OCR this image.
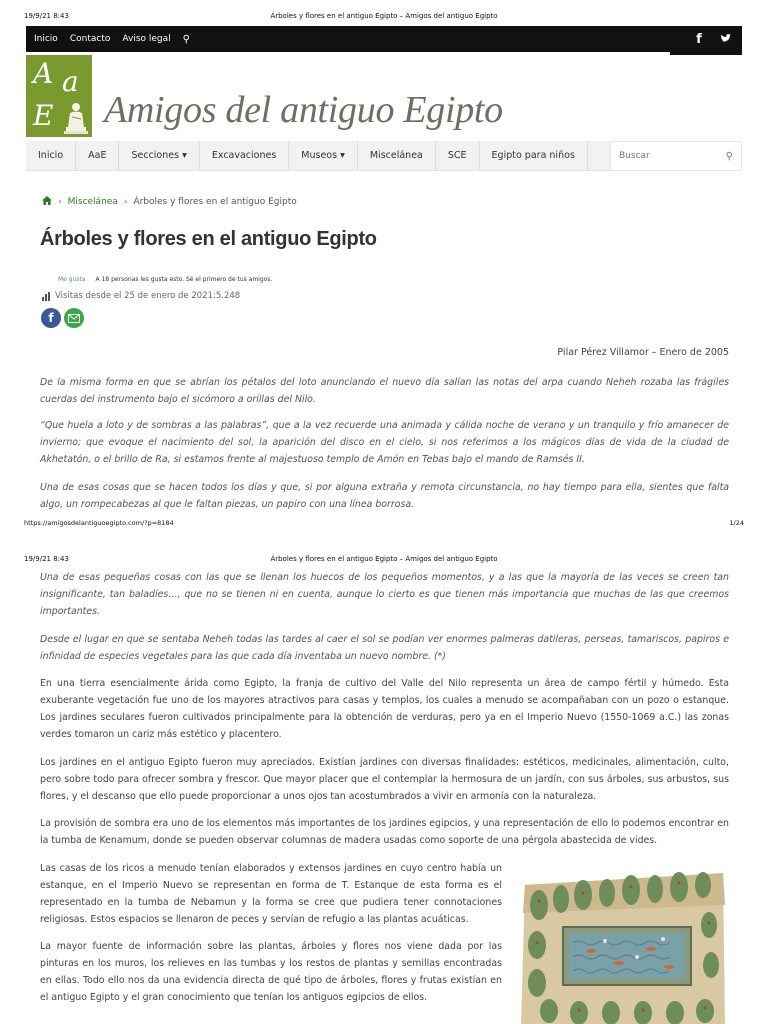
19/9/21 8:43	Árboles y flores en el antiguo Egipto – Amigos del antiguo Egipto
Inicio Contacto Aviso legal ⚲	f
A a
E Amigos del antiguo Egipto
Inicio	AaE	Secciones ▾	Excavaciones	Museos ▾	Miscelánea	SCE	Egipto para niños
Buscar	⚲
› Miscelánea › Árboles y flores en el antiguo Egipto
Árboles y flores en el antiguo Egipto
Me gusta A 18 personas les gusta esto. Sé el primero de tus amigos.
Visitas desde el 25 de enero de 2021:5.248
f
Pilar Pérez Villamor – Enero de 2005

De la misma forma en que se abrían los pétalos del loto anunciando el nuevo día salían las notas del arpa cuando Neheh rozaba las frágiles cuerdas del instrumento bajo el sicómoro a orillas del Nilo.

“Que huela a loto y de sombras a las palabras”, que a la vez recuerde una animada y cálida noche de verano y un tranquilo y frío amanecer de invierno; que evoque el nacimiento del sol, la aparición del disco en el cielo, si nos referimos a los mágicos días de vida de la ciudad de Akhetatón, o el brillo de Ra, si estamos frente al majestuoso templo de Amón en Tebas bajo el mando de Ramsés II.

Una de esas cosas que se hacen todos los días y que, si por alguna extraña y remota circunstancia, no hay tiempo para ella, sientes que falta algo, un rompecabezas al que le faltan piezas, un papiro con una línea borrosa.

https://amigosdelantiguoegipto.com/?p=8184	1/24
19/9/21 8:43	Árboles y flores en el antiguo Egipto – Amigos del antiguo Egipto

Una de esas pequeñas cosas con las que se llenan los huecos de los pequeños momentos, y a las que la mayoría de las veces se creen tan insignificante, tan baladíes…, que no se tienen ni en cuenta, aunque lo cierto es que tienen más importancia que muchas de las que creemos importantes.

Desde el lugar en que se sentaba Neheh todas las tardes al caer el sol se podían ver enormes palmeras datileras, perseas, tamariscos, papiros e infinidad de especies vegetales para las que cada día inventaba un nuevo nombre. (*)

En una tierra esencialmente árida como Egipto, la franja de cultivo del Valle del Nilo representa un área de campo fértil y húmedo. Esta exuberante vegetación fue uno de los mayores atractivos para casas y templos, los cuales a menudo se acompañaban con un pozo o estanque. Los jardines seculares fueron cultivados principalmente para la obtención de verduras, pero ya en el Imperio Nuevo (1550-1069 a.C.) las zonas verdes tomaron un cariz más estético y placentero.

Los jardines en el antiguo Egipto fueron muy apreciados. Existían jardines con diversas finalidades: estéticos, medicinales, alimentación, culto, pero sobre todo para ofrecer sombra y frescor. Que mayor placer que el contemplar la hermosura de un jardín, con sus árboles, sus arbustos, sus flores, y el descanso que ello puede proporcionar a unos ojos tan acostumbrados a vivir en armonía con la naturaleza.

La provisión de sombra era uno de los elementos más importantes de los jardines egipcios, y una representación de ello lo podemos encontrar en la tumba de Kenamum, donde se pueden observar columnas de madera usadas como soporte de una pérgola abastecida de vides.

Las casas de los ricos a menudo tenían elaborados y extensos jardines en cuyo centro había un estanque, en el Imperio Nuevo se representan en forma de T. Estanque de esta forma es el representado en la tumba de Nebamun y la forma se cree que pudiera tener connotaciones religiosas. Estos espacios se llenaron de peces y servían de refugio a las plantas acuáticas.

La mayor fuente de información sobre las plantas, árboles y flores nos viene dada por las pinturas en los muros, los relieves en las tumbas y los restos de plantas y semillas encontradas en ellas. Todo ello nos da una evidencia directa de qué tipo de árboles, flores y frutas existían en el antiguo Egipto y el gran conocimiento que tenían los antiguos egipcios de ellos.
